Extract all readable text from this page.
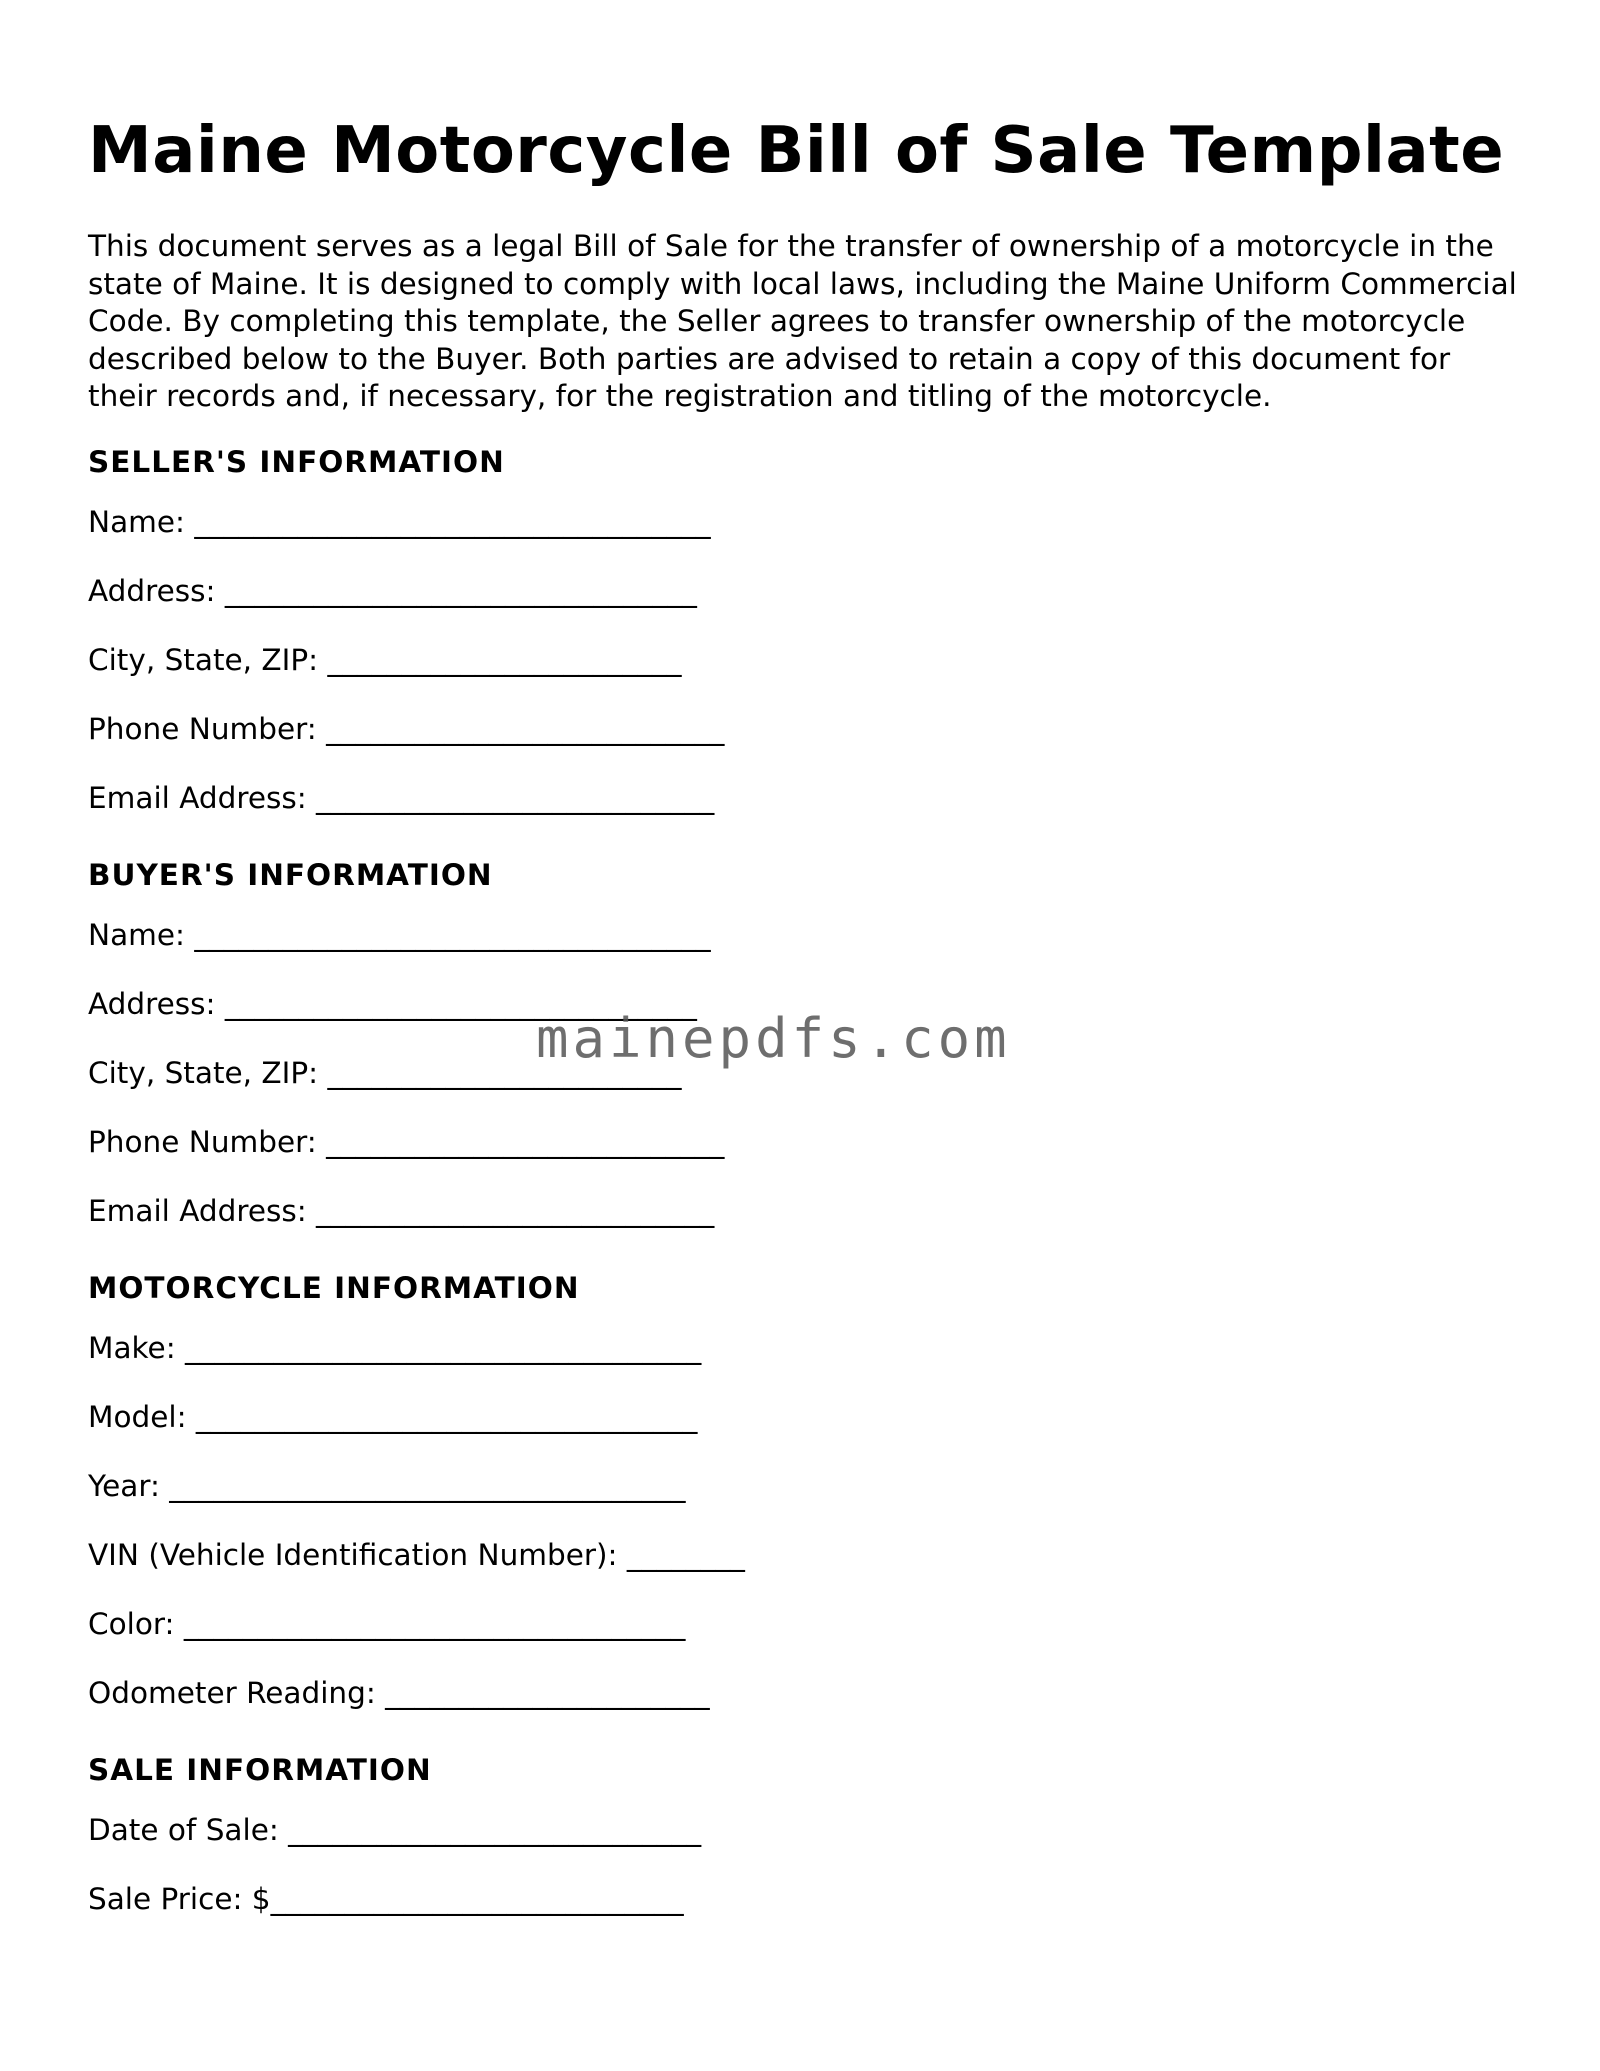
Maine Motorcycle Bill of Sale Template

This document serves as a legal Bill of Sale for the transfer of ownership of a motorcycle in the state of Maine. It is designed to comply with local laws, including the Maine Uniform Commercial Code. By completing this template, the Seller agrees to transfer ownership of the motorcycle described below to the Buyer. Both parties are advised to retain a copy of this document for their records and, if necessary, for the registration and titling of the motorcycle.

SELLER'S INFORMATION
Name: ___________________________________
Address: ________________________________
City, State, ZIP: ________________________
Phone Number: ___________________________
Email Address: ___________________________
BUYER'S INFORMATION
Name: ___________________________________
Address: ________________________________
City, State, ZIP: ________________________
Phone Number: ___________________________
Email Address: ___________________________
MOTORCYCLE INFORMATION
Make: ___________________________________
Model: __________________________________
Year: ___________________________________
VIN (Vehicle Identification Number): ________
Color: __________________________________
Odometer Reading: ______________________
SALE INFORMATION
Date of Sale: ____________________________
Sale Price: $____________________________
mainepdfs.com
